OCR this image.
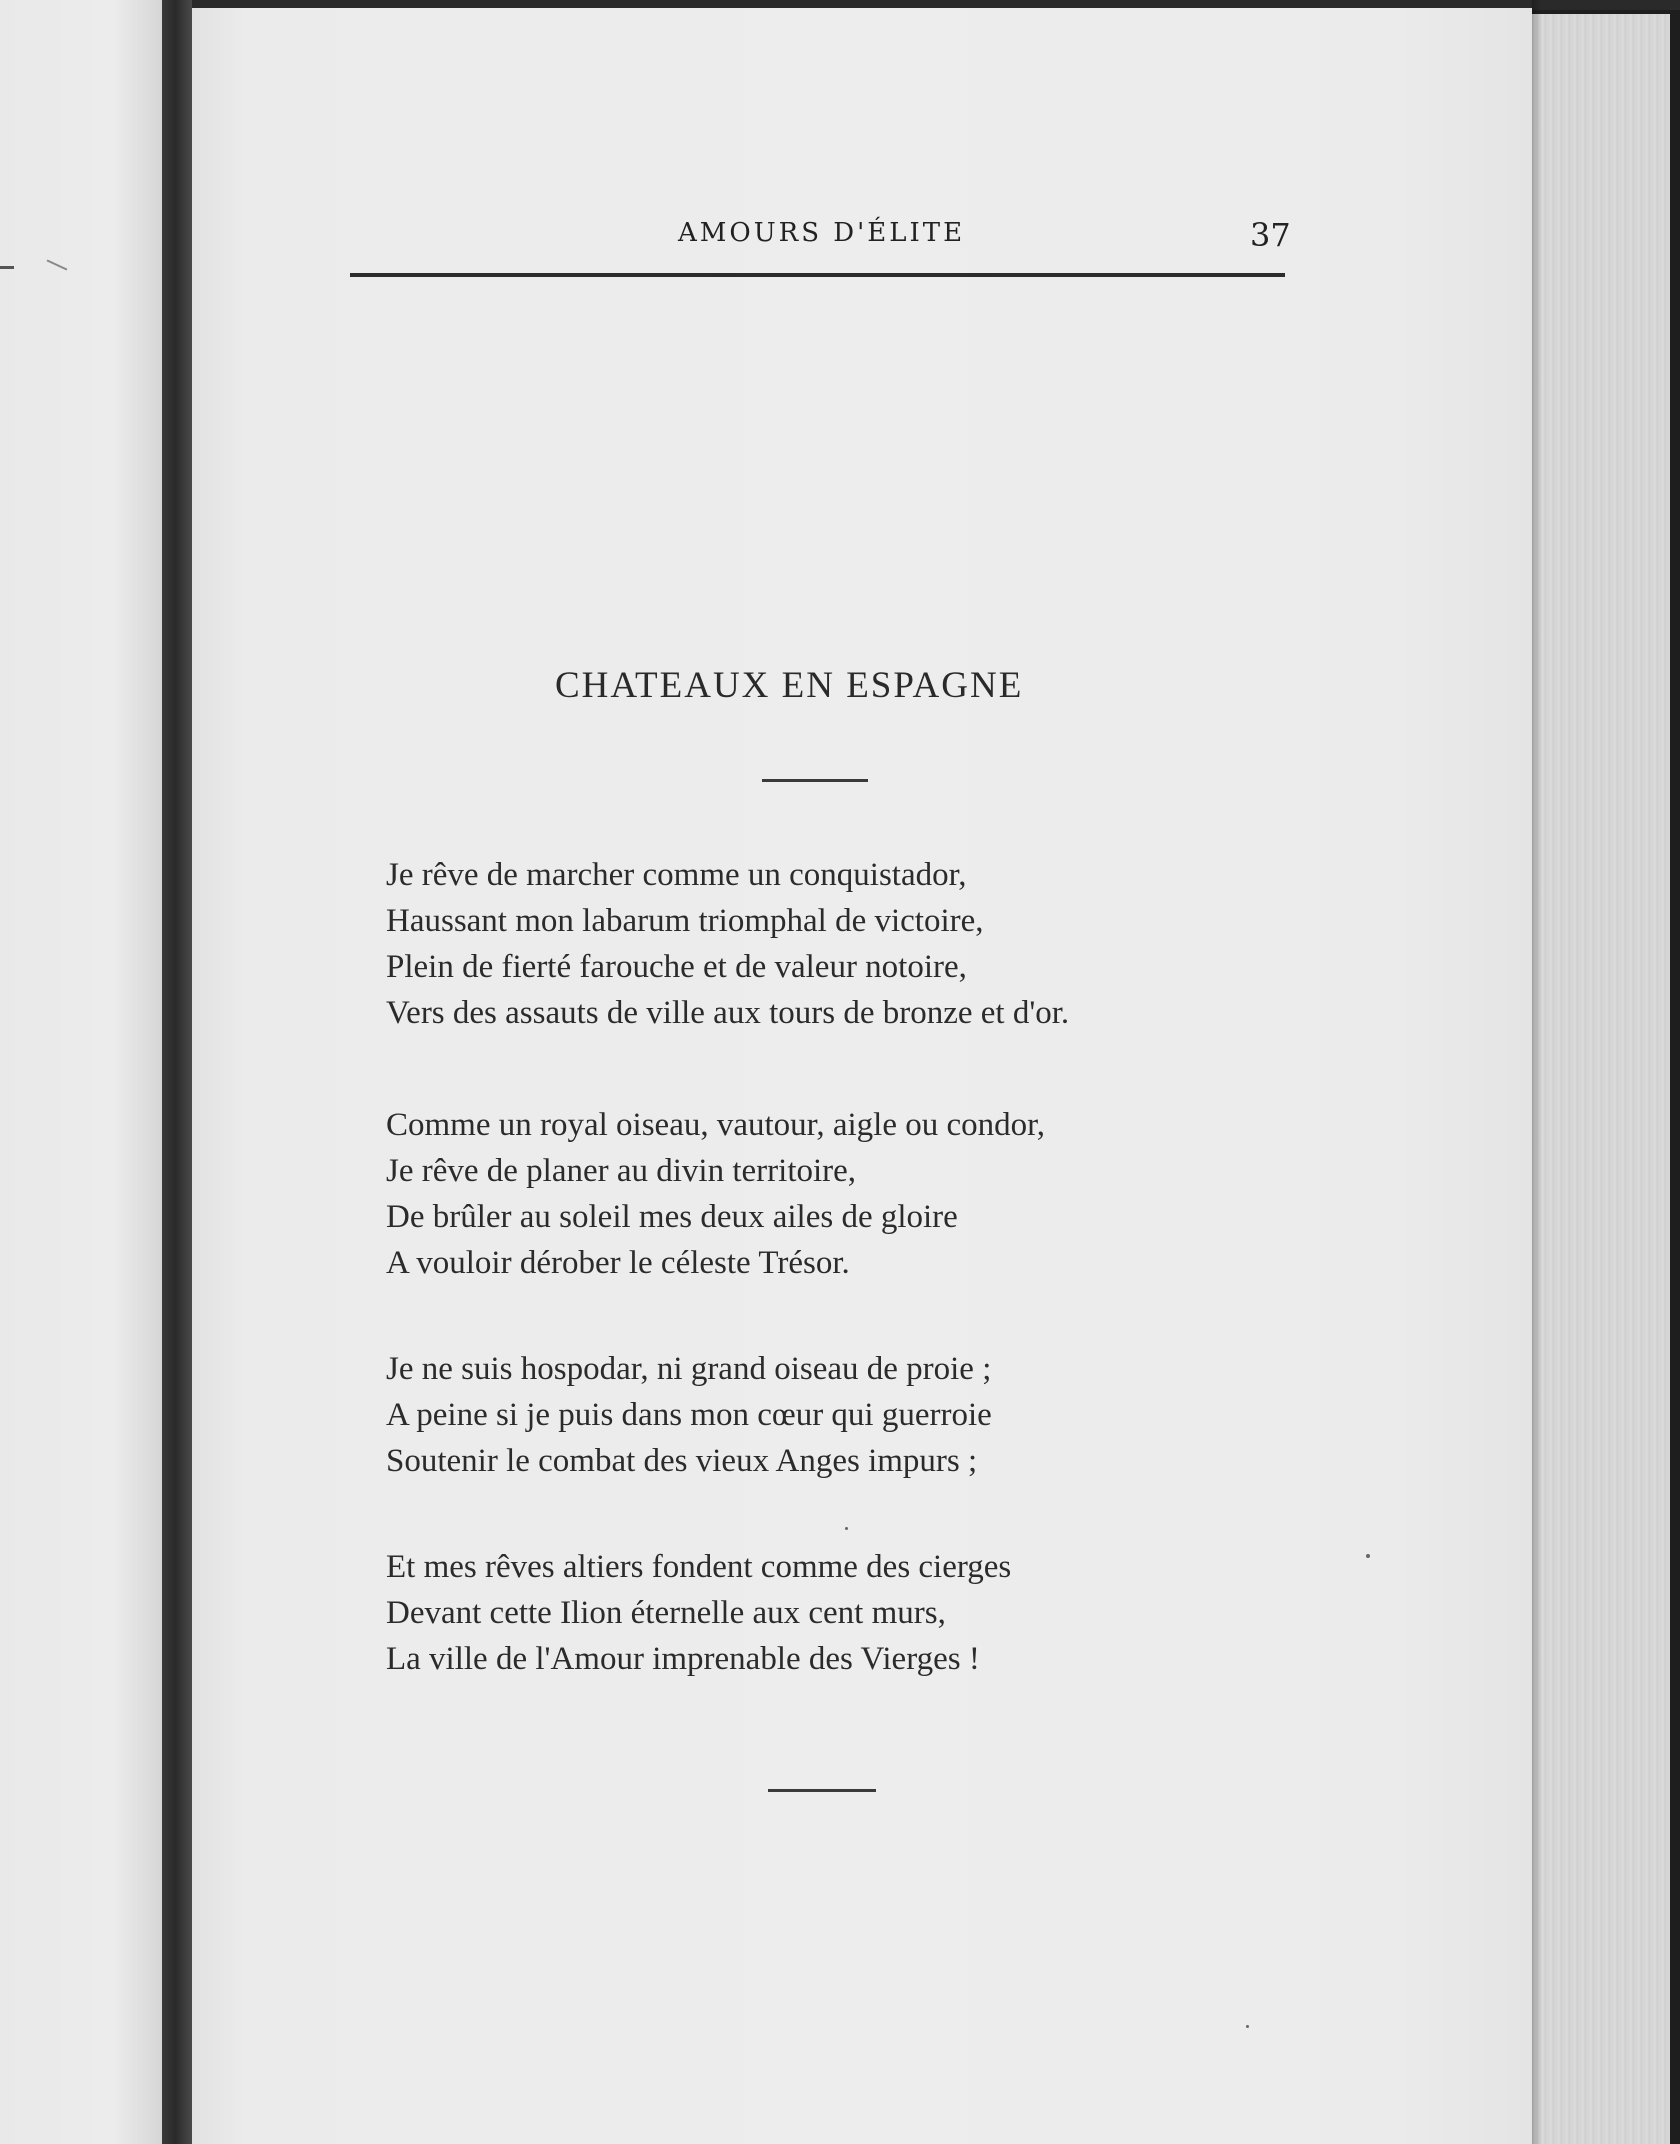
AMOURS D'ÉLITE	37
CHATEAUX EN ESPAGNE
Je rêve de marcher comme un conquistador,
Haussant mon labarum triomphal de victoire,
Plein de fierté farouche et de valeur notoire,
Vers des assauts de ville aux tours de bronze et d'or.
Comme un royal oiseau, vautour, aigle ou condor,
Je rêve de planer au divin territoire,
De brûler au soleil mes deux ailes de gloire
A vouloir dérober le céleste Trésor.
Je ne suis hospodar, ni grand oiseau de proie ;
A peine si je puis dans mon cœur qui guerroie
Soutenir le combat des vieux Anges impurs ;
Et mes rêves altiers fondent comme des cierges
Devant cette Ilion éternelle aux cent murs,
La ville de l'Amour imprenable des Vierges !
